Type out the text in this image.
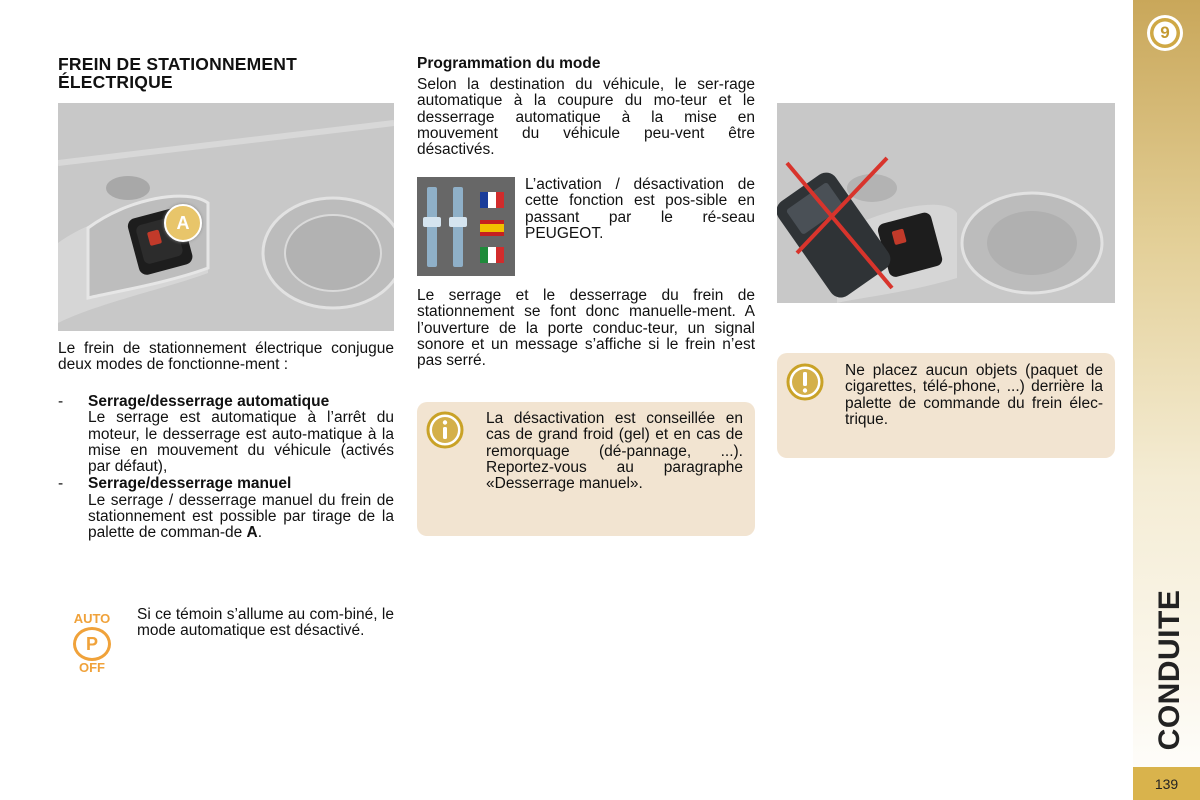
FREIN DE STATIONNEMENT
ÉLECTRIQUE
A
Le frein de stationnement électrique conjugue deux modes de fonctionne-ment :
-	Serrage/desserrage automatique
Le serrage est automatique à l’arrêt du moteur, le desserrage est auto-matique à la mise en mouvement du véhicule (activés par défaut),
-	Serrage/desserrage manuel
Le serrage / desserrage manuel du frein de stationnement est possible par tirage de la palette de comman-de A.
AUTO
P
OFF
Si ce témoin s’allume au com-biné, le mode automatique est désactivé.
Programmation du mode
Selon la destination du véhicule, le ser-rage automatique à la coupure du mo-teur et le desserrage automatique à la mise en mouvement du véhicule peu-vent être désactivés.
L’activation / désactivation de cette fonction est pos-sible en passant par le ré-seau PEUGEOT.
Le serrage et le desserrage du frein de stationnement se font donc manuelle-ment. A l’ouverture de la porte conduc-teur, un signal sonore et un message s’affiche si le frein n’est pas serré.
La désactivation est conseillée en cas de grand froid (gel) et en cas de remorquage (dé-pannage, ...). Reportez-vous au paragraphe «Desserrage manuel».
Ne placez aucun objets (paquet de cigarettes, télé-phone, ...) derrière la palette de commande du frein élec-trique.
9
CONDUITE
139
